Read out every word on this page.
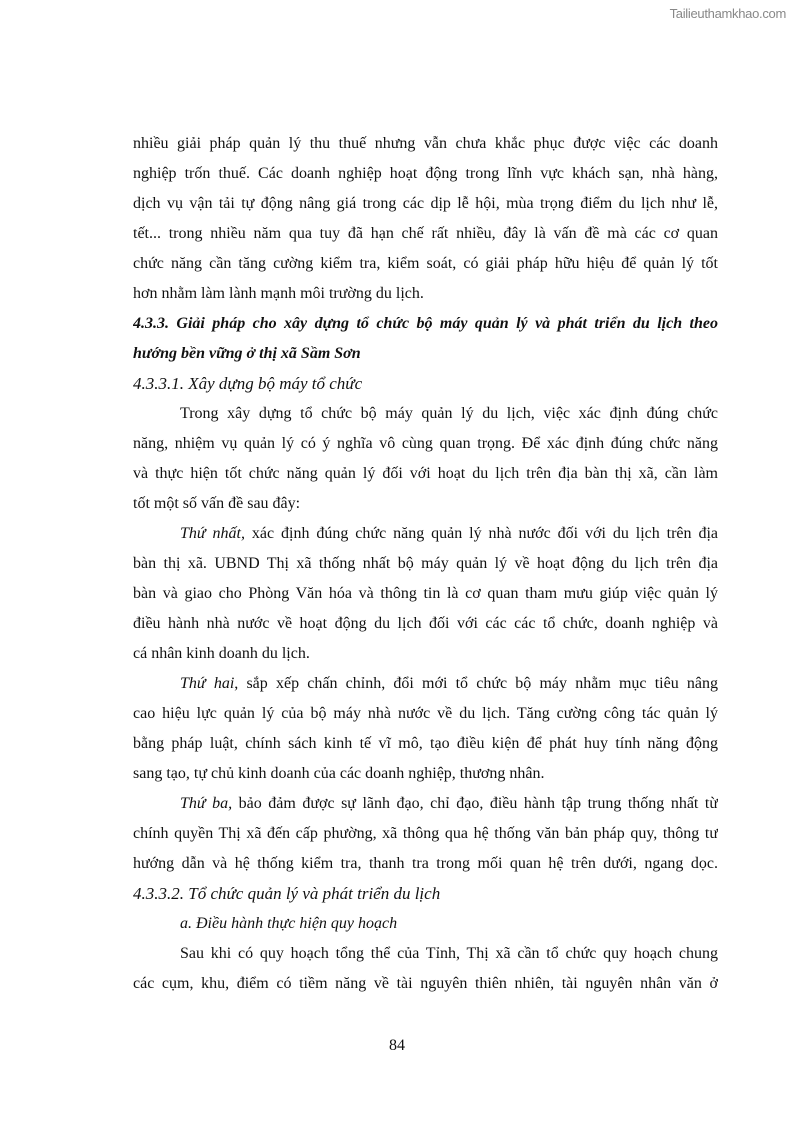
Tailieuthamkhao.com
nhiều giải pháp quản lý thu thuế nhưng vẫn chưa khắc phục được việc các doanh
nghiệp trốn thuế. Các doanh nghiệp hoạt động trong lĩnh vực khách sạn, nhà hàng,
dịch vụ vận tải tự động nâng giá trong các dịp lễ hội, mùa trọng điểm du lịch như lễ,
tết... trong nhiều năm qua tuy đã hạn chế rất nhiều, đây là vấn đề mà các cơ quan
chức năng cần tăng cường kiểm tra, kiểm soát, có giải pháp hữu hiệu để quản lý tốt
hơn nhằm làm lành mạnh môi trường du lịch.
4.3.3. Giải pháp cho xây dựng tổ chức bộ máy quản lý và phát triển du lịch theo
hướng bền vững ở thị xã Sầm Sơn
4.3.3.1. Xây dựng bộ máy tổ chức
Trong xây dựng tổ chức bộ máy quản lý du lịch, việc xác định đúng chức
năng, nhiệm vụ quản lý có ý nghĩa vô cùng quan trọng. Để xác định đúng chức năng
và thực hiện tốt chức năng quản lý đối với hoạt du lịch trên địa bàn thị xã, cần làm
tốt một số vấn đề sau đây:
Thứ nhất, xác định đúng chức năng quản lý nhà nước đối với du lịch trên địa
bàn thị xã. UBND Thị xã thống nhất bộ máy quản lý về hoạt động du lịch trên địa
bàn và giao cho Phòng Văn hóa và thông tin là cơ quan tham mưu giúp việc quản lý
điều hành nhà nước về hoạt động du lịch đối với các các tổ chức, doanh nghiệp và
cá nhân kinh doanh du lịch.
Thứ hai, sắp xếp chấn chỉnh, đổi mới tổ chức bộ máy nhằm mục tiêu nâng
cao hiệu lực quản lý của bộ máy nhà nước về du lịch. Tăng cường công tác quản lý
bằng pháp luật, chính sách kinh tế vĩ mô, tạo điều kiện để phát huy tính năng động
sang tạo, tự chủ kinh doanh của các doanh nghiệp, thương nhân.
Thứ ba, bảo đảm được sự lãnh đạo, chỉ đạo, điều hành tập trung thống nhất từ
chính quyền Thị xã đến cấp phường, xã thông qua hệ thống văn bản pháp quy, thông tư
hướng dẫn và hệ thống kiểm tra, thanh tra trong mối quan hệ trên dưới, ngang dọc.
4.3.3.2. Tổ chức quản lý và phát triển du lịch
a. Điều hành thực hiện quy hoạch
Sau khi có quy hoạch tổng thể của Tỉnh, Thị xã cần tổ chức quy hoạch chung
các cụm, khu, điểm có tiềm năng về tài nguyên thiên nhiên, tài nguyên nhân văn ở
84
